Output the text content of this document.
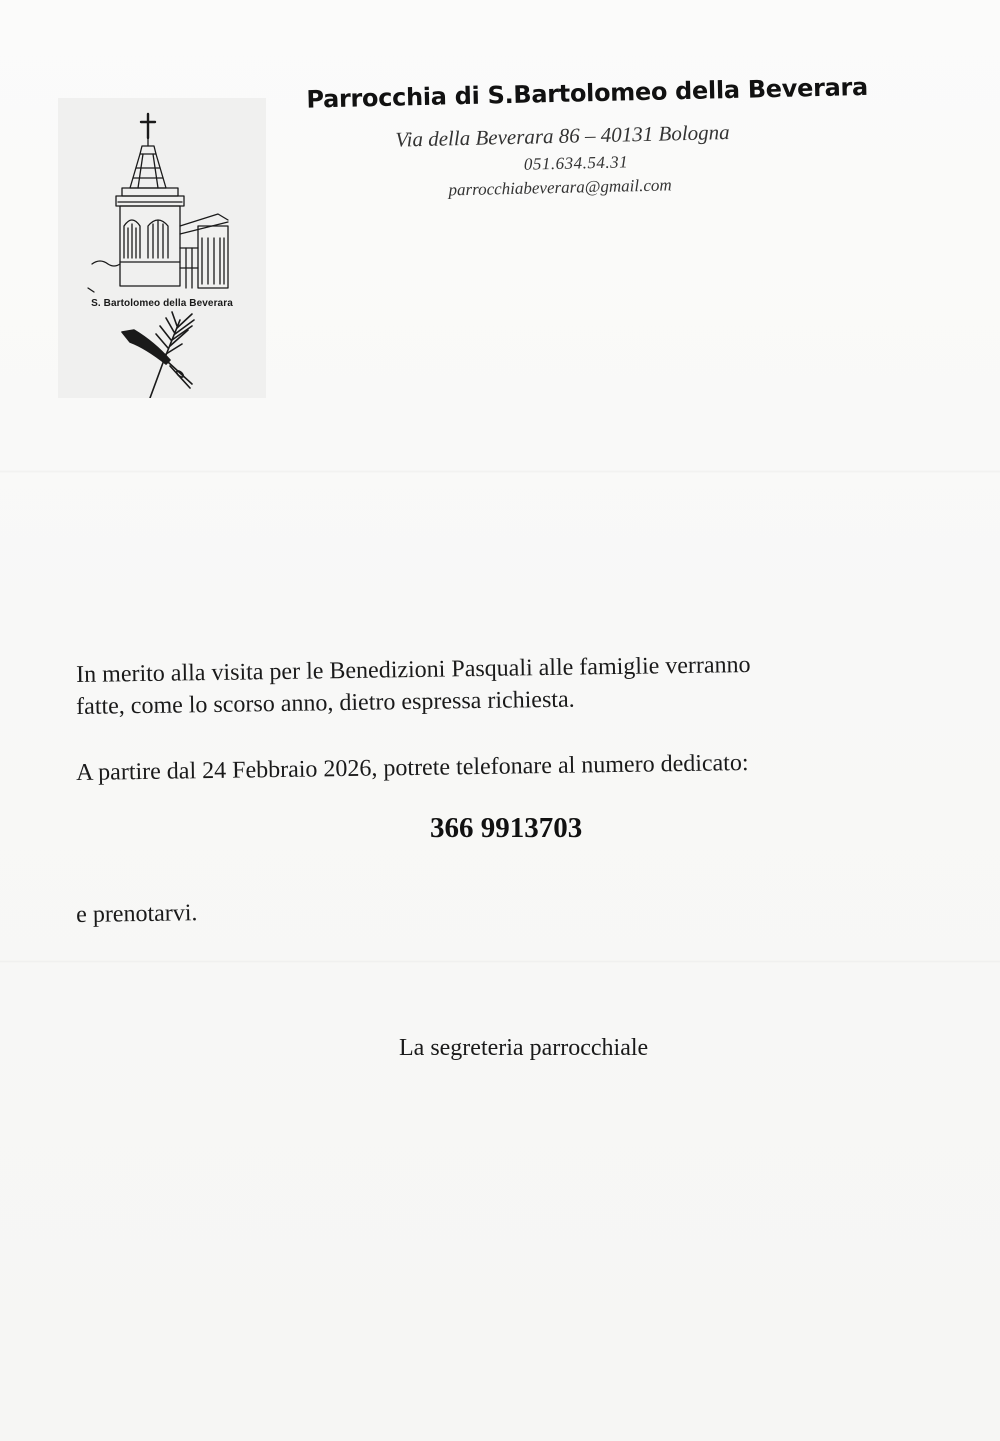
S. Bartolomeo della Beverara
Parrocchia di S.Bartolomeo della Beverara
Via della Beverara 86 – 40131 Bologna
051.634.54.31
parrocchiabeverara@gmail.com
In merito alla visita per le Benedizioni Pasquali alle famiglie verranno
fatte, come lo scorso anno, dietro espressa richiesta.
A partire dal 24 Febbraio 2026, potrete telefonare al numero dedicato:
366 9913703
e prenotarvi.
La segreteria parrocchiale
